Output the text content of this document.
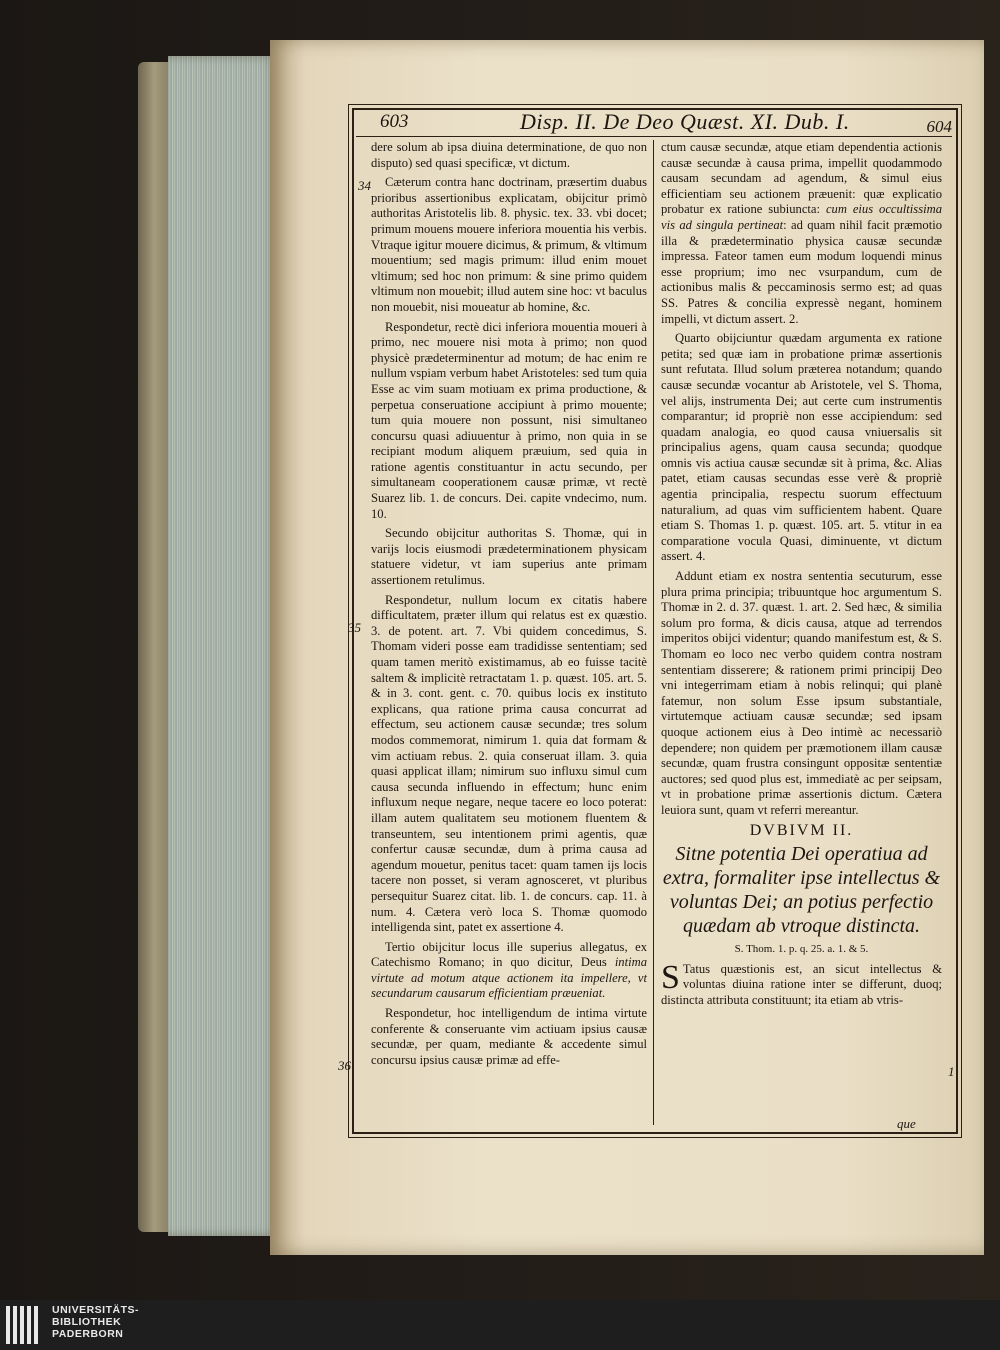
603	Disp. II. De Deo Quæst. XI. Dub. I.	604
34
35
36	1

dere solum ab ipsa diuina determinatione, de quo non disputo) sed quasi specificæ, vt dictum.

Cæterum contra hanc doctrinam, præsertim duabus prioribus assertionibus explicatam, obijcitur primò authoritas Aristotelis lib. 8. physic. tex. 33. vbi docet; primum mouens mouere inferiora mouentia his verbis. Vtraque igitur mouere dicimus, & primum, & vltimum mouentium; sed magis primum: illud enim mouet vltimum; sed hoc non primum: & sine primo quidem vltimum non mouebit; illud autem sine hoc: vt baculus non mouebit, nisi moueatur ab homine, &c.

Respondetur, rectè dici inferiora mouentia moueri à primo, nec mouere nisi mota à primo; non quod physicè prædeterminentur ad motum; de hac enim re nullum vspiam verbum habet Aristoteles: sed tum quia Esse ac vim suam motiuam ex prima productione, & perpetua conseruatione accipiunt à primo mouente; tum quia mouere non possunt, nisi simultaneo concursu quasi adiuuentur à primo, non quia in se recipiant modum aliquem præuium, sed quia in ratione agentis constituantur in actu secundo, per simultaneam cooperationem causæ primæ, vt rectè Suarez lib. 1. de concurs. Dei. capite vndecimo, num. 10.

Secundo obijcitur authoritas S. Thomæ, qui in varijs locis eiusmodi prædeterminationem physicam statuere videtur, vt iam superius ante primam assertionem retulimus.

Respondetur, nullum locum ex citatis habere difficultatem, præter illum qui relatus est ex quæstio. 3. de potent. art. 7. Vbi quidem concedimus, S. Thomam videri posse eam tradidisse sententiam; sed quam tamen meritò existimamus, ab eo fuisse tacitè saltem & implicitè retractatam 1. p. quæst. 105. art. 5. & in 3. cont. gent. c. 70. quibus locis ex instituto explicans, qua ratione prima causa concurrat ad effectum, seu actionem causæ secundæ; tres solum modos commemorat, nimirum 1. quia dat formam & vim actiuam rebus. 2. quia conseruat illam. 3. quia quasi applicat illam; nimirum suo influxu simul cum causa secunda influendo in effectum; hunc enim influxum neque negare, neque tacere eo loco poterat: illam autem qualitatem seu motionem fluentem & transeuntem, seu intentionem primi agentis, quæ confertur causæ secundæ, dum à prima causa ad agendum mouetur, penitus tacet: quam tamen ijs locis tacere non posset, si veram agnosceret, vt pluribus persequitur Suarez citat. lib. 1. de concurs. cap. 11. à num. 4. Cætera verò loca S. Thomæ quomodo intelligenda sint, patet ex assertione 4.

Tertio obijcitur locus ille superius allegatus, ex Catechismo Romano; in quo dicitur, Deus intima virtute ad motum atque actionem ita impellere, vt secundarum causarum efficientiam præueniat.

Respondetur, hoc intelligendum de intima virtute conferente & conseruante vim actiuam ipsius causæ secundæ, per quam, mediante & accedente simul concursu ipsius causæ primæ ad effe-

ctum causæ secundæ, atque etiam dependentia actionis causæ secundæ à causa prima, impellit quodammodo causam secundam ad agendum, & simul eius efficientiam seu actionem præuenit: quæ explicatio probatur ex ratione subiuncta: cum eius occultissima vis ad singula pertineat: ad quam nihil facit præmotio illa & prædeterminatio physica causæ secundæ impressa. Fateor tamen eum modum loquendi minus esse proprium; imo nec vsurpandum, cum de actionibus malis & peccaminosis sermo est; ad quas SS. Patres & concilia expressè negant, hominem impelli, vt dictum assert. 2.

Quarto obijciuntur quædam argumenta ex ratione petita; sed quæ iam in probatione primæ assertionis sunt refutata. Illud solum præterea notandum; quando causæ secundæ vocantur ab Aristotele, vel S. Thoma, vel alijs, instrumenta Dei; aut certe cum instrumentis comparantur; id propriè non esse accipiendum: sed quadam analogia, eo quod causa vniuersalis sit principalius agens, quam causa secunda; quodque omnis vis actiua causæ secundæ sit à prima, &c. Alias patet, etiam causas secundas esse verè & propriè agentia principalia, respectu suorum effectuum naturalium, ad quas vim sufficientem habent. Quare etiam S. Thomas 1. p. quæst. 105. art. 5. vtitur in ea comparatione vocula Quasi, diminuente, vt dictum assert. 4.

Addunt etiam ex nostra sententia secuturum, esse plura prima principia; tribuuntque hoc argumentum S. Thomæ in 2. d. 37. quæst. 1. art. 2. Sed hæc, & similia solum pro forma, & dicis causa, atque ad terrendos imperitos obijci videntur; quando manifestum est, & S. Thomam eo loco nec verbo quidem contra nostram sententiam disserere; & rationem primi principij Deo vni integerrimam etiam à nobis relinqui; qui planè fatemur, non solum Esse ipsum substantiale, virtutemque actiuam causæ secundæ; sed ipsam quoque actionem eius à Deo intimè ac necessariò dependere; non quidem per præmotionem illam causæ secundæ, quam frustra consingunt oppositæ sententiæ auctores; sed quod plus est, immediatè ac per seipsam, vt in probatione primæ assertionis dictum. Cætera leuiora sunt, quam vt referri mereantur.

DVBIVM II.

Sitne potentia Dei operatiua ad extra, formaliter ipse intellectus & voluntas Dei; an potius perfectio quædam ab vtroque distincta.

S. Thom. 1. p. q. 25. a. 1. & 5.

S Tatus quæstionis est, an sicut intellectus & voluntas diuina ratione inter se differunt, duoq; distincta attributa constituunt; ita etiam ab vtris-

que
UNIVERSITÄTS-
BIBLIOTHEK
PADERBORN
